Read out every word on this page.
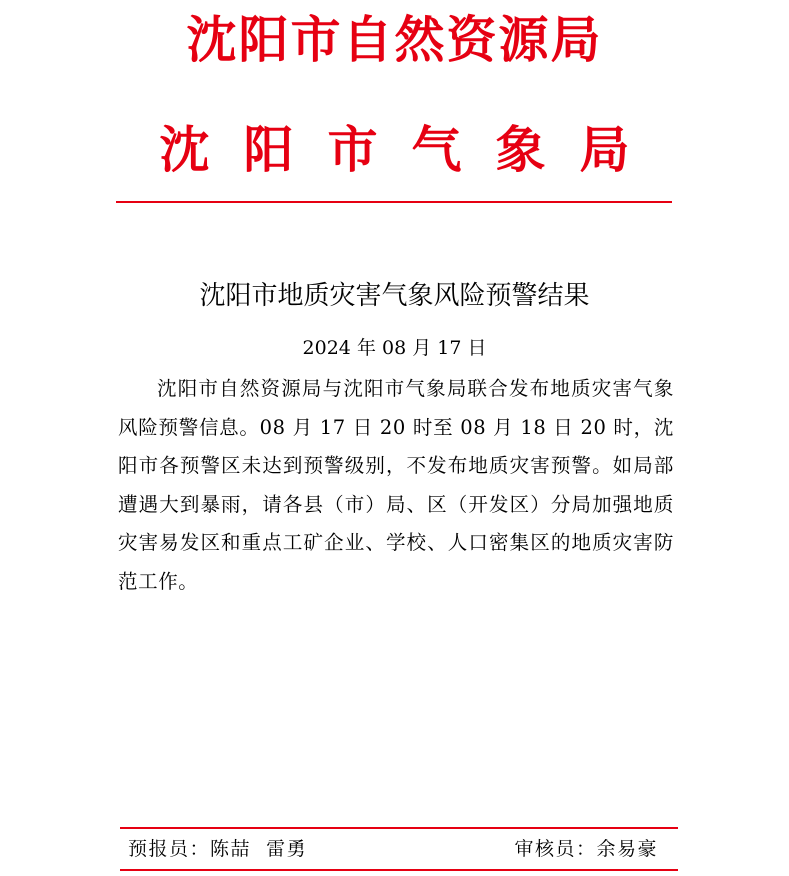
沈阳市自然资源局
沈阳市气象局
沈阳市地质灾害气象风险预警结果
2024 年 08 月 17 日

沈阳市自然资源局与沈阳市气象局联合发布地质灾害气象风险预警信息。08 月 17 日 20 时至 08 月 18 日 20 时，沈阳市各预警区未达到预警级别，不发布地质灾害预警。如局部遭遇大到暴雨，请各县（市）局、区（开发区）分局加强地质灾害易发区和重点工矿企业、学校、人口密集区的地质灾害防范工作。

预报员：陈喆  雷勇	审核员：余易豪
